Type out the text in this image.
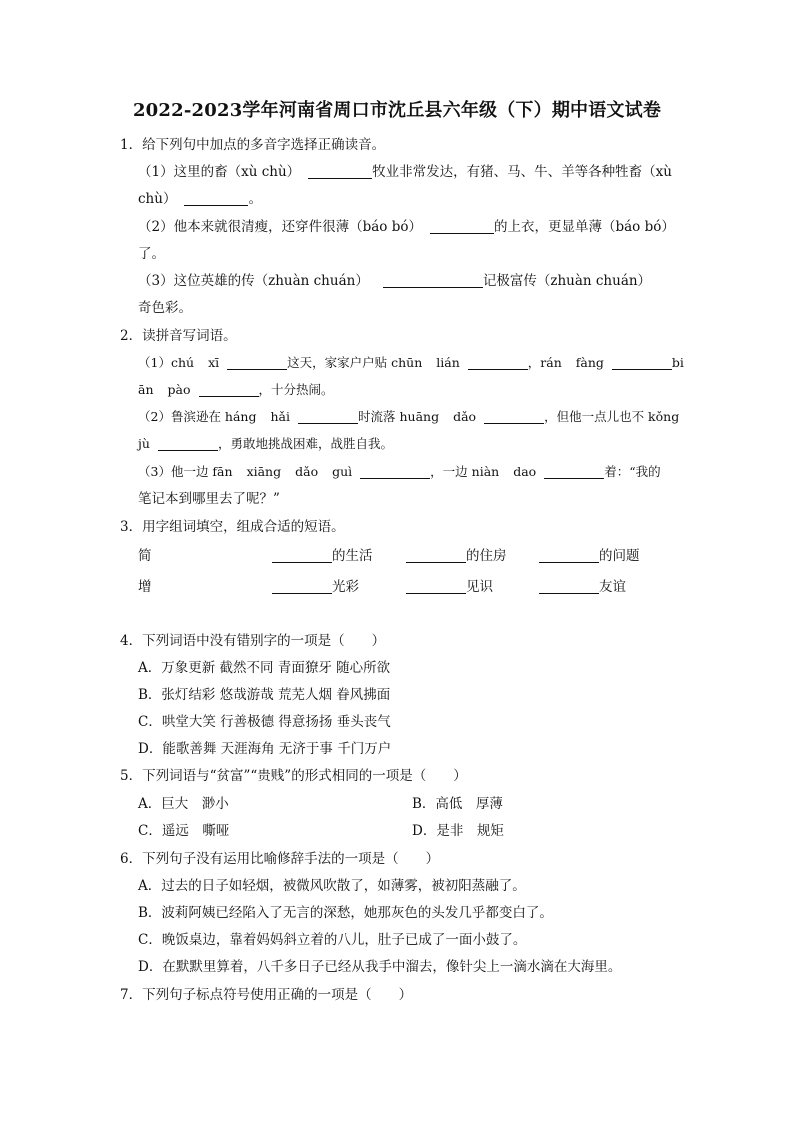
2022-2023学年河南省周口市沈丘县六年级（下）期中语文试卷
1．给下列句中加点的多音字选择正确读音。
（1）这里的畜（xù chù）	牧业非常发达，有猪、马、牛、羊等各种牲畜（xù
chù）	。
（2）他本来就很清瘦，还穿件很薄（báo bó）	的上衣，更显单薄（báo bó）
了。
（3）这位英雄的传（zhuàn chuán）	记极富传（zhuàn chuán）
奇色彩。
2．读拼音写词语。
（1）chú xī	这天，家家户户贴 chūn lián	，rán fàng	bi
ān pào	，十分热闹。
（2）鲁滨逊在 háng hǎi	时流落 huāng dǎo	，但他一点儿也不 kǒng
jù	，勇敢地挑战困难，战胜自我。
（3）他一边 fān xiāng dǎo guì	，一边 niàn dao	着：“我的
笔记本到哪里去了呢？”
3．用字组词填空，组成合适的短语。
简	的生活	的住房	的问题
增	光彩	见识	友谊
4．下列词语中没有错别字的一项是（　　）
A．万象更新 截然不同 青面獠牙 随心所欲
B．张灯结彩 悠哉游哉 荒芜人烟 眷风拂面
C．哄堂大笑 行善极德 得意扬扬 垂头丧气
D．能歌善舞 天涯海角 无济于事 千门万户
5．下列词语与“贫富”“贵贱”的形式相同的一项是（　　）
A．巨大　渺小	B．高低　厚薄
C．遥远　嘶哑	D．是非　规矩
6．下列句子没有运用比喻修辞手法的一项是（　　）
A．过去的日子如轻烟，被微风吹散了，如薄雾，被初阳蒸融了。
B．波莉阿姨已经陷入了无言的深愁，她那灰色的头发几乎都变白了。
C．晚饭桌边，靠着妈妈斜立着的八儿，肚子已成了一面小鼓了。
D．在默默里算着，八千多日子已经从我手中溜去，像针尖上一滴水滴在大海里。
7．下列句子标点符号使用正确的一项是（　　）
